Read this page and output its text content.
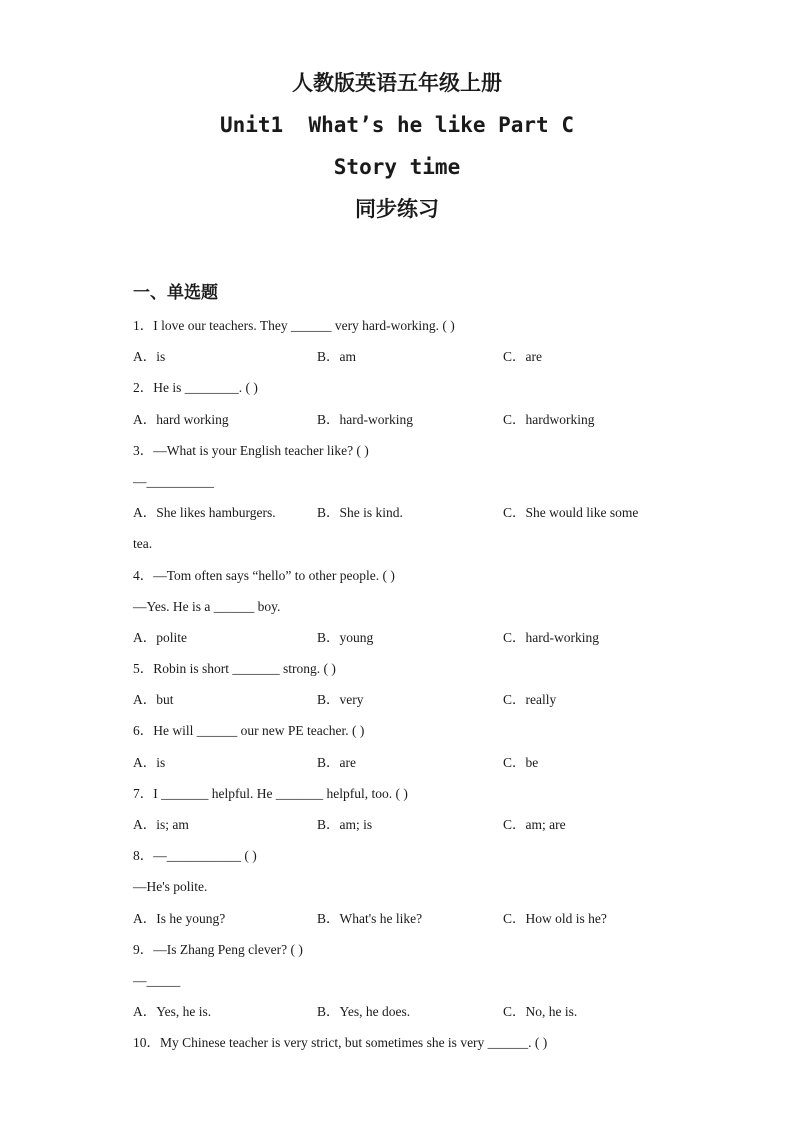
人教版英语五年级上册
Unit1  What’s he like Part C
Story time
同步练习
一、单选题
1．I love our teachers. They ______ very hard-working. ( )
A．is	B．am	C．are
2．He is ________. ( )
A．hard working	B．hard-working	C．hardworking
3．—What is your English teacher like? ( )
—__________
A．She likes hamburgers.	B．She is kind.	C．She would like some
tea.
4．—Tom often says “hello” to other people. ( )
—Yes. He is a ______ boy.
A．polite	B．young	C．hard-working
5．Robin is short _______ strong. ( )
A．but	B．very	C．really
6．He will ______ our new PE teacher. ( )
A．is	B．are	C．be
7．I _______ helpful. He _______ helpful, too. ( )
A．is; am	B．am; is	C．am; are
8．—___________ ( )
—He's polite.
A．Is he young?	B．What's he like?	C．How old is he?
9．—Is Zhang Peng clever? ( )
—_____
A．Yes, he is.	B．Yes, he does.	C．No, he is.
10．My Chinese teacher is very strict, but sometimes she is very ______. ( )
